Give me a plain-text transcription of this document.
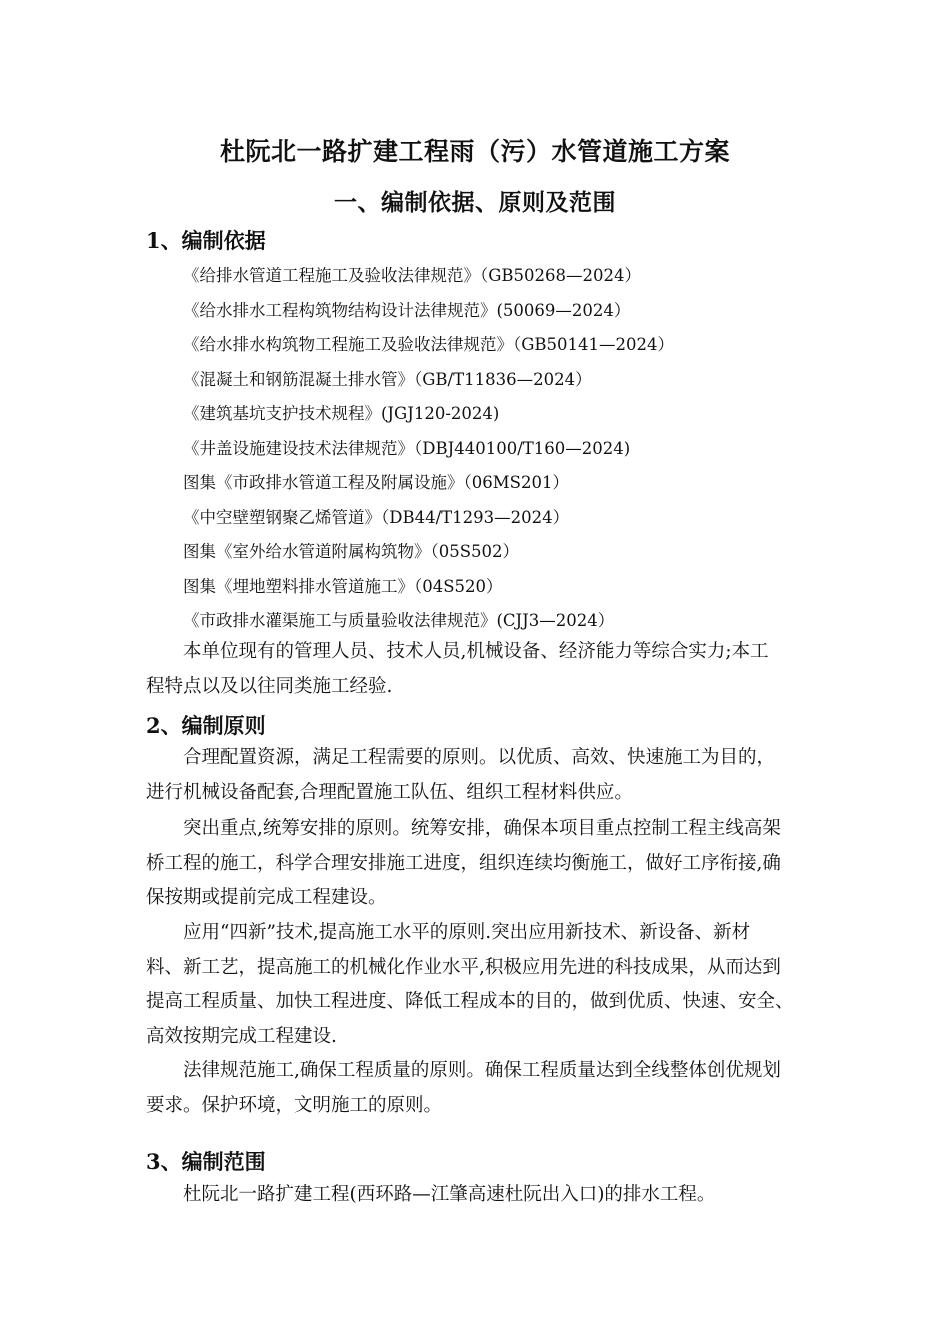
杜阮北一路扩建工程雨（污）水管道施工方案
一、编制依据、原则及范围
1、编制依据
《给排水管道工程施工及验收法律规范》（GB50268—2024）
《给水排水工程构筑物结构设计法律规范》(50069—2024）
《给水排水构筑物工程施工及验收法律规范》（GB50141—2024）
《混凝土和钢筋混凝土排水管》（GB/T11836—2024）
《建筑基坑支护技术规程》(JGJ120-2024)
《井盖设施建设技术法律规范》（DBJ440100/T160—2024)
图集《市政排水管道工程及附属设施》（06MS201）
《中空壁塑钢聚乙烯管道》（DB44/T1293—2024）
图集《室外给水管道附属构筑物》（05S502）
图集《埋地塑料排水管道施工》（04S520）
《市政排水灌渠施工与质量验收法律规范》(CJJ3—2024）
本单位现有的管理人员、技术人员,机械设备、经济能力等综合实力;本工
程特点以及以往同类施工经验.
2、编制原则
合理配置资源，满足工程需要的原则。以优质、高效、快速施工为目的，
进行机械设备配套,合理配置施工队伍、组织工程材料供应。
突出重点,统筹安排的原则。统筹安排，确保本项目重点控制工程主线高架
桥工程的施工，科学合理安排施工进度，组织连续均衡施工，做好工序衔接,确
保按期或提前完成工程建设。
应用“四新”技术,提高施工水平的原则.突出应用新技术、新设备、新材
料、新工艺，提高施工的机械化作业水平,积极应用先进的科技成果，从而达到
提高工程质量、加快工程进度、降低工程成本的目的，做到优质、快速、安全、
高效按期完成工程建设.
法律规范施工,确保工程质量的原则。确保工程质量达到全线整体创优规划
要求。保护环境，文明施工的原则。
3、编制范围
杜阮北一路扩建工程(西环路—江肇高速杜阮出入口)的排水工程。
